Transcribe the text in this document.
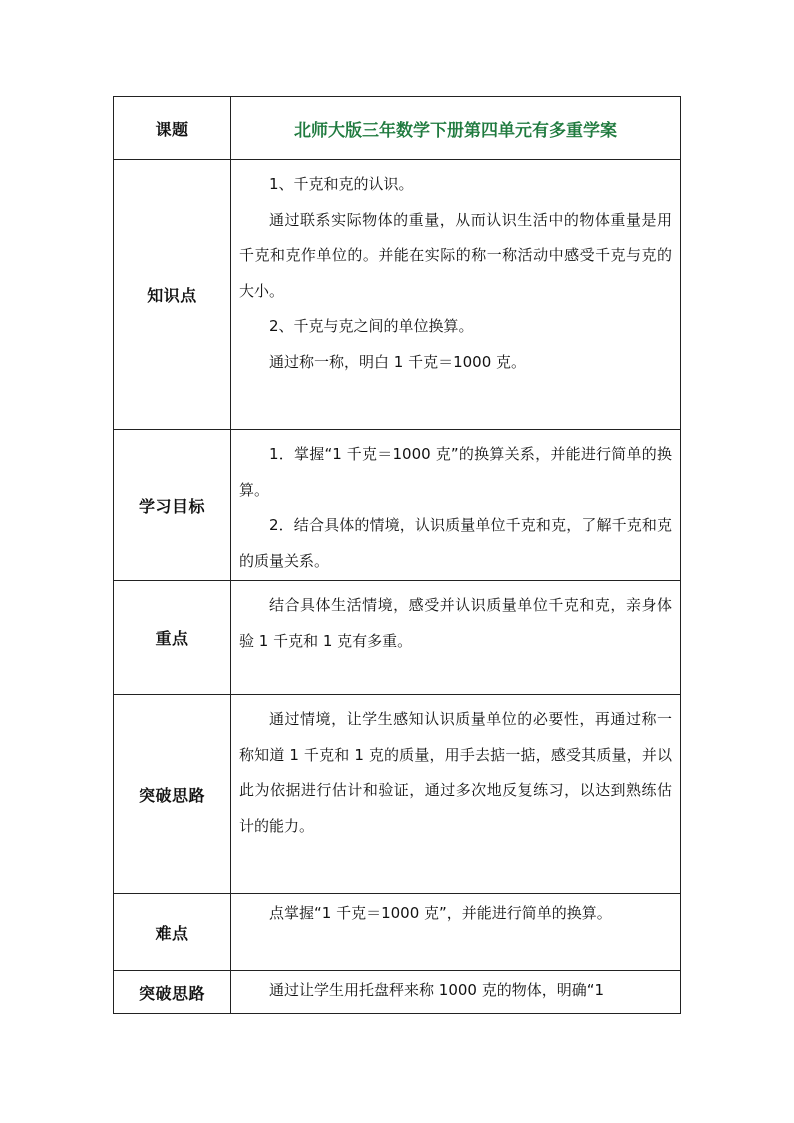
课题	北师大版三年数学下册第四单元有多重学案
知识点	1、千克和克的认识。

通过联系实际物体的重量，从而认识生活中的物体重量是用千克和克作单位的。并能在实际的称一称活动中感受千克与克的大小。

2、千克与克之间的单位换算。

通过称一称，明白 1 千克＝1000 克。

学习目标	1．掌握“1 千克＝1000 克”的换算关系，并能进行简单的换算。

2．结合具体的情境，认识质量单位千克和克，了解千克和克的质量关系。

重点	结合具体生活情境，感受并认识质量单位千克和克，亲身体验 1 千克和 1 克有多重。

突破思路	通过情境，让学生感知认识质量单位的必要性，再通过称一称知道 1 千克和 1 克的质量，用手去掂一掂，感受其质量，并以此为依据进行估计和验证，通过多次地反复练习，以达到熟练估计的能力。

难点	点掌握“1 千克＝1000 克”，并能进行简单的换算。

突破思路	通过让学生用托盘秤来称 1000 克的物体，明确“1
